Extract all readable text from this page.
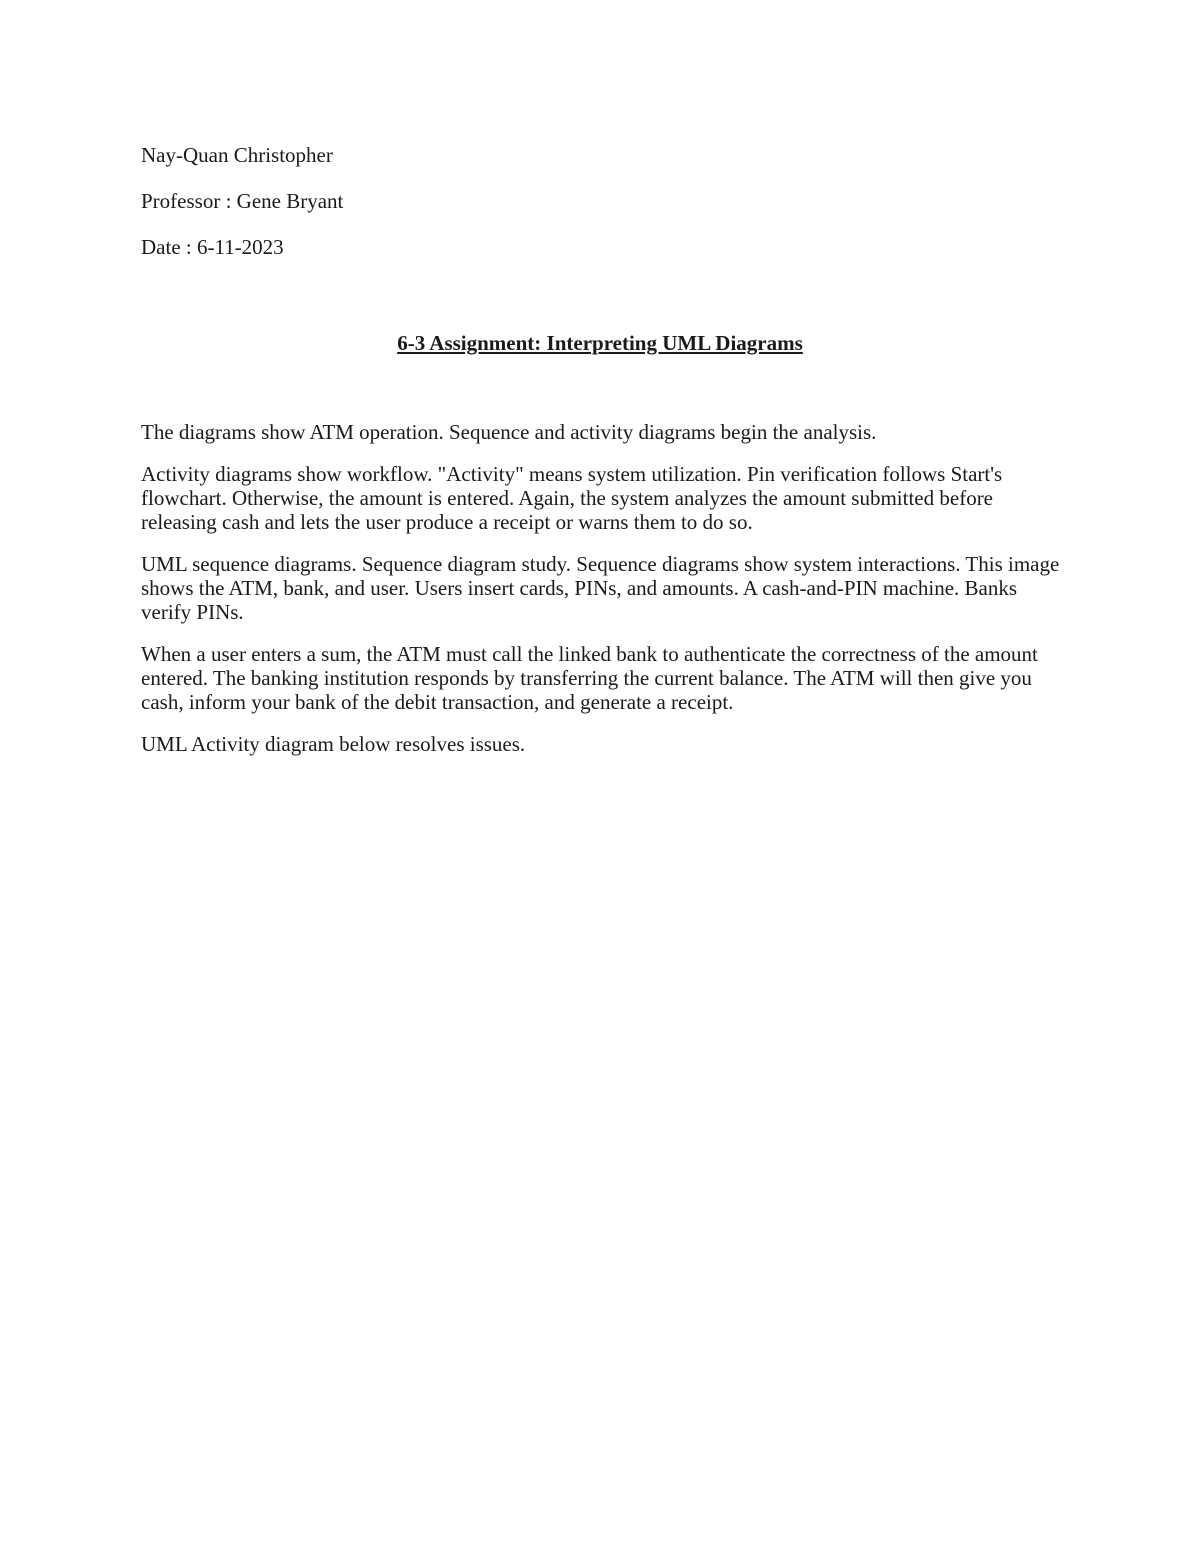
Nay-Quan Christopher

Professor : Gene Bryant

Date : 6-11-2023

6-3 Assignment: Interpreting UML Diagrams

The diagrams show ATM operation. Sequence and activity diagrams begin the analysis.

Activity diagrams show workflow. "Activity" means system utilization. Pin verification follows Start's flowchart. Otherwise, the amount is entered. Again, the system analyzes the amount submitted before releasing cash and lets the user produce a receipt or warns them to do so.

UML sequence diagrams. Sequence diagram study. Sequence diagrams show system interactions. This image shows the ATM, bank, and user. Users insert cards, PINs, and amounts. A cash-and-PIN machine. Banks verify PINs.

When a user enters a sum, the ATM must call the linked bank to authenticate the correctness of the amount entered. The banking institution responds by transferring the current balance. The ATM will then give you cash, inform your bank of the debit transaction, and generate a receipt.

UML Activity diagram below resolves issues.
